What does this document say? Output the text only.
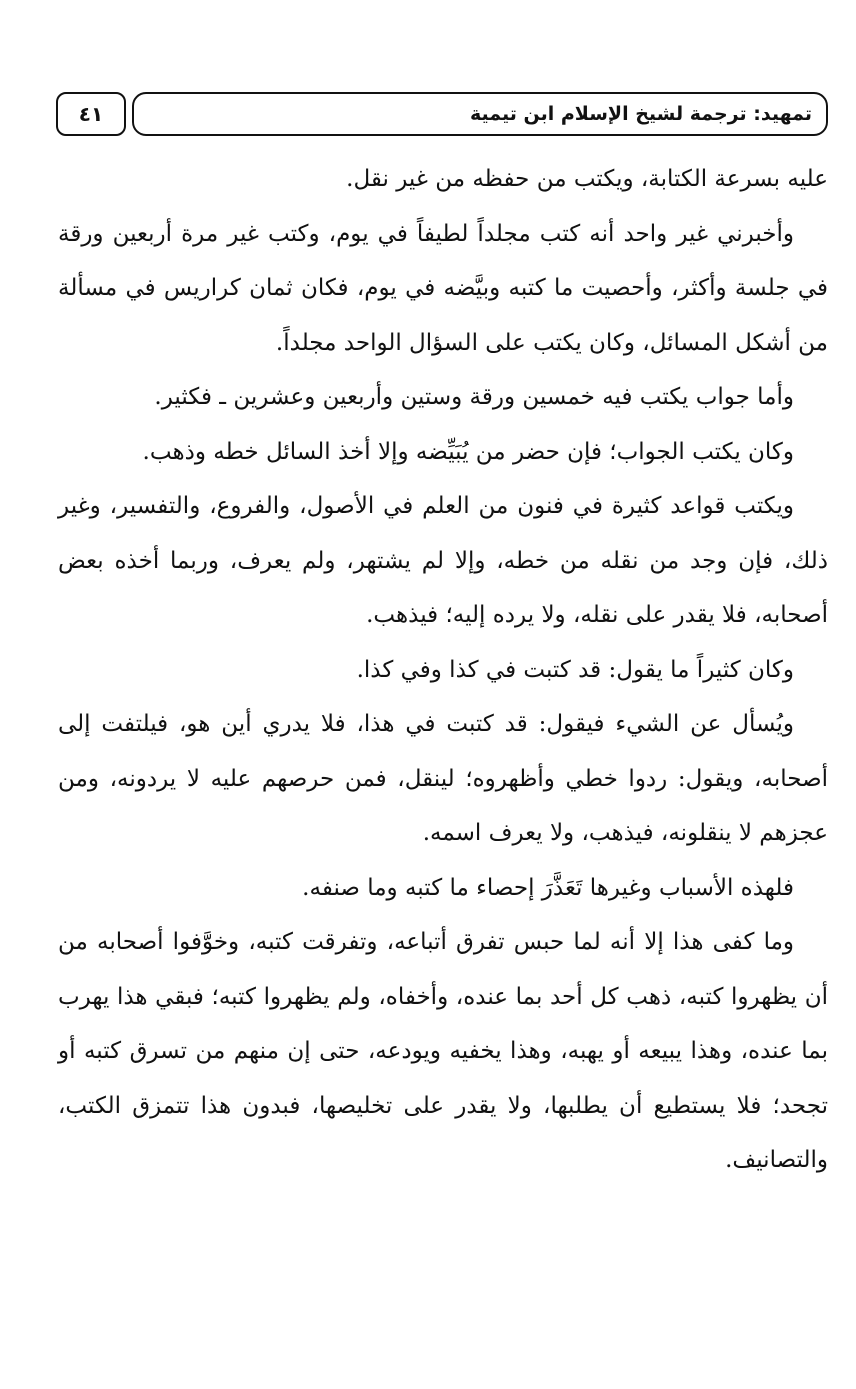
٤١	تمهيد: ترجمة لشيخ الإسلام ابن تيمية

عليه بسرعة الكتابة، ويكتب من حفظه من غير نقل.

وأخبرني غير واحد أنه كتب مجلداً لطيفاً في يوم، وكتب غير مرة أربعين ورقة في جلسة وأكثر، وأحصيت ما كتبه وبيَّضه في يوم، فكان ثمان كراريس في مسألة من أشكل المسائل، وكان يكتب على السؤال الواحد مجلداً.

وأما جواب يكتب فيه خمسين ورقة وستين وأربعين وعشرين ـ فكثير.

وكان يكتب الجواب؛ فإن حضر من يُبَيِّضه وإلا أخذ السائل خطه وذهب.

ويكتب قواعد كثيرة في فنون من العلم في الأصول، والفروع، والتفسير، وغير ذلك، فإن وجد من نقله من خطه، وإلا لم يشتهر، ولم يعرف، وربما أخذه بعض أصحابه، فلا يقدر على نقله، ولا يرده إليه؛ فيذهب.

وكان كثيراً ما يقول: قد كتبت في كذا وفي كذا.

ويُسأل عن الشيء فيقول: قد كتبت في هذا، فلا يدري أين هو، فيلتفت إلى أصحابه، ويقول: ردوا خطي وأظهروه؛ لينقل، فمن حرصهم عليه لا يردونه، ومن عجزهم لا ينقلونه، فيذهب، ولا يعرف اسمه.

فلهذه الأسباب وغيرها تَعَذَّرَ إحصاء ما كتبه وما صنفه.

وما كفى هذا إلا أنه لما حبس تفرق أتباعه، وتفرقت كتبه، وخوَّفوا أصحابه من أن يظهروا كتبه، ذهب كل أحد بما عنده، وأخفاه، ولم يظهروا كتبه؛ فبقي هذا يهرب بما عنده، وهذا يبيعه أو يهبه، وهذا يخفيه ويودعه، حتى إن منهم من تسرق كتبه أو تجحد؛ فلا يستطيع أن يطلبها، ولا يقدر على تخليصها، فبدون هذا تتمزق الكتب، والتصانيف.
